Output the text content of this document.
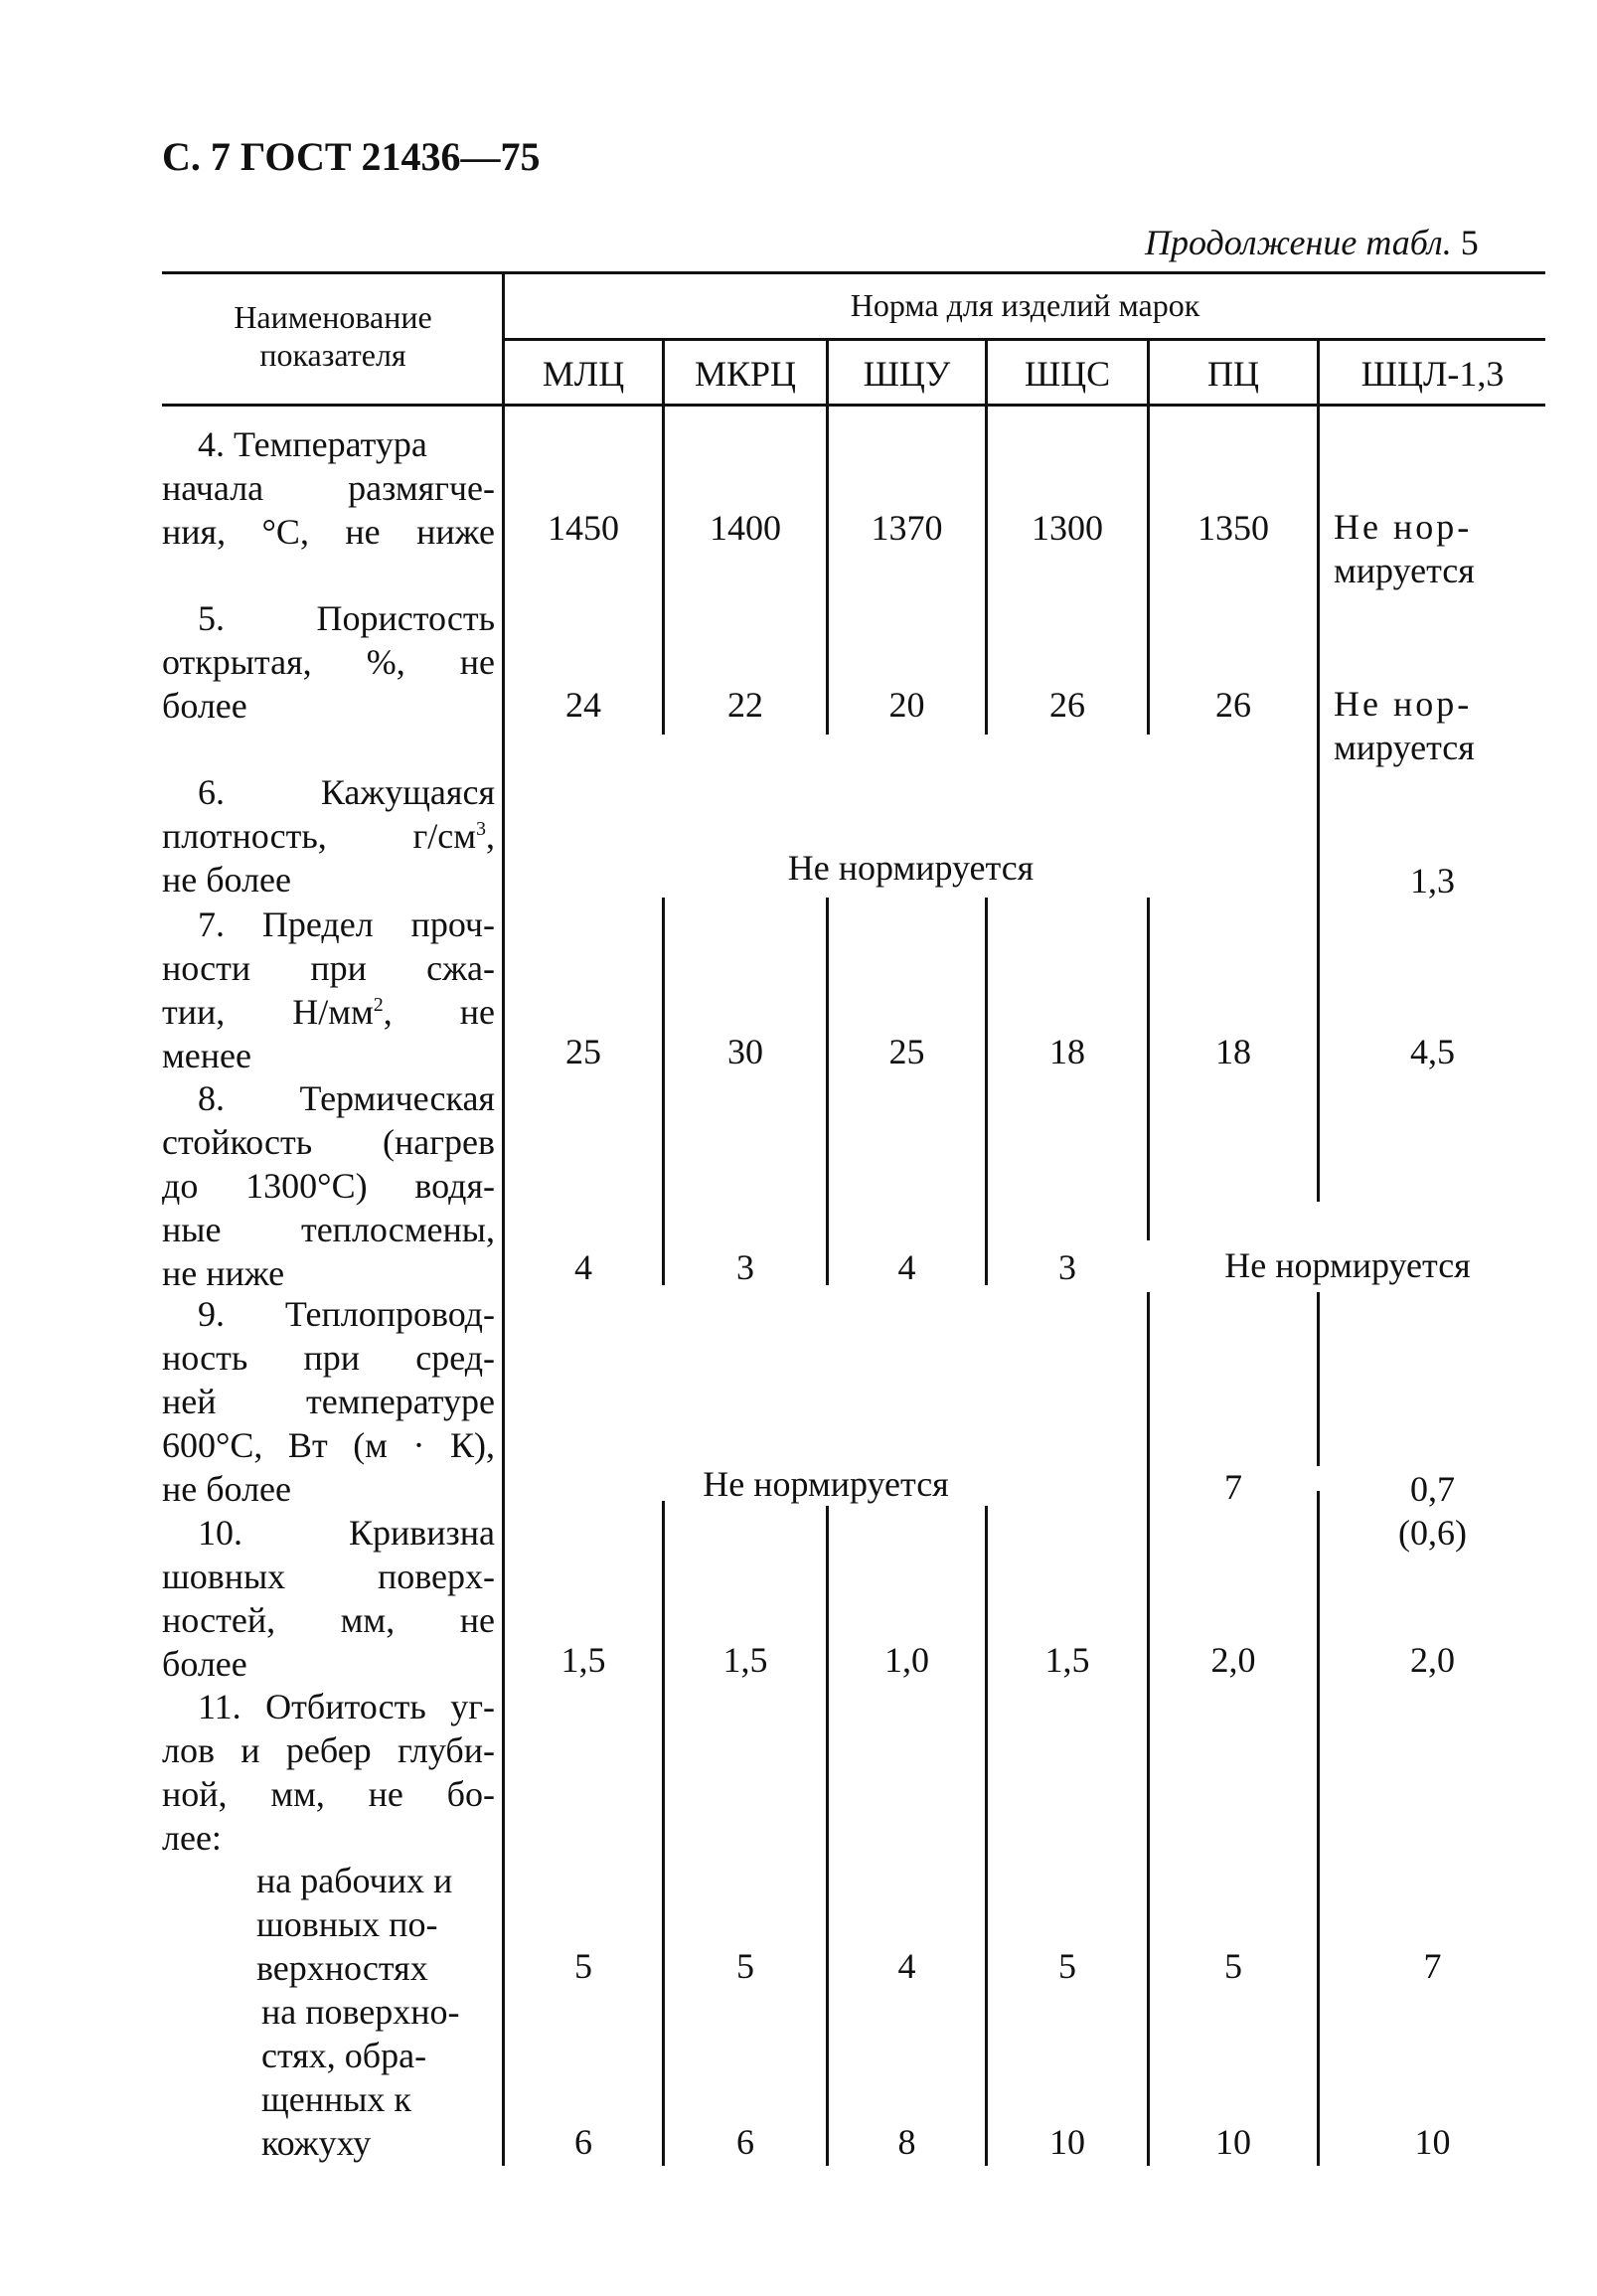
С. 7 ГОСТ 21436—75
Продолжение табл. 5
Наименование показателя
Норма для изделий марок
МЛЦ	МКРЦ	ШЦУ	ШЦС	ПЦ	ШЦЛ-1,3
4. Температура
начала размягче-
ния, °С, не ниже	1450	1400	1370	1300	1350	Не нор-
мируется
5. Пористость
открытая, %, не
более	24	22	20	26	26	Не нор-
мируется
6. Кажущаяся
плотность, $г/см^3$,
не более	Не нормируется	1,3
7. Предел проч-
ности при сжа-
тии, $Н/мм^2$, не
менее	25	30	25	18	18	4,5
8. Термическая
стойкость (нагрев
до 1300°С) водя-
ные теплосмены,
не ниже	4	3	4	3	Не нормируется
9. Теплопровод-
ность при сред-
ней температуре
600°С, Вт (м · К),
не более	Не нормируется	7	0,7
(0,6)
10. Кривизна
шовных поверх-
ностей, мм, не
более	1,5	1,5	1,0	1,5	2,0	2,0
11. Отбитость уг-
лов и ребер глуби-
ной, мм, не бо-
лее:
на рабочих и
шовных по-
верхностях	5	5	4	5	5	7
на поверхно-
стях, обра-
щенных к
кожуху	6	6	8	10	10	10
